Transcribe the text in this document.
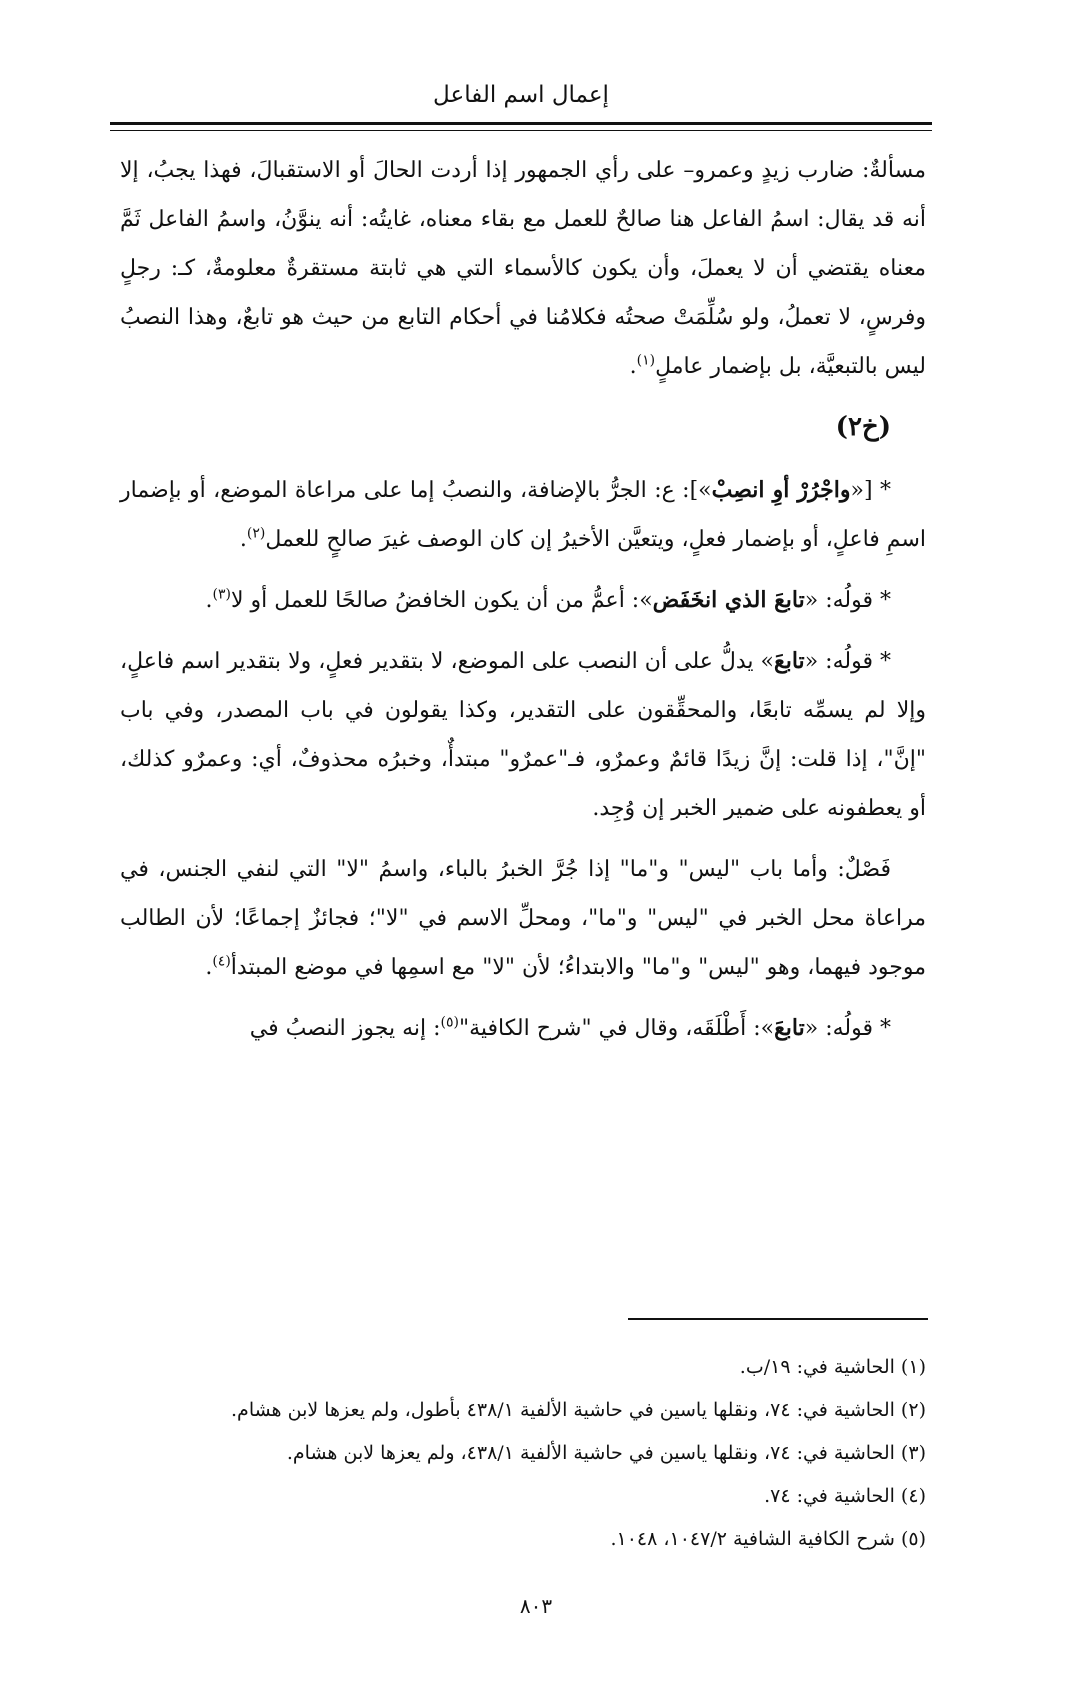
إعمال اسم الفاعل

مسألةٌ: ضارب زيدٍ وعمرو– على رأي الجمهور إذا أردت الحالَ أو الاستقبالَ، فهذا يجبُ، إلا أنه قد يقال: اسمُ الفاعل هنا صالحٌ للعمل مع بقاء معناه، غايتُه: أنه ينوَّنُ، واسمُ الفاعل ثَمَّ معناه يقتضي أن لا يعملَ، وأن يكون كالأسماء التي هي ثابتة مستقرةٌ معلومةٌ، كـ: رجلٍ وفرسٍ، لا تعملُ، ولو سُلِّمَتْ صحتُه فكلامُنا في أحكام التابع من حيث هو تابعٌ، وهذا النصبُ ليس بالتبعيَّة، بل بإضمار عاملٍ$^{(١)}$.

(خ٢)

* [«واجْرُرْ أوِ انصِبْ»]: ع: الجرُّ بالإضافة، والنصبُ إما على مراعاة الموضع، أو بإضمار اسمِ فاعلٍ، أو بإضمار فعلٍ، ويتعيَّن الأخيرُ إن كان الوصف غيرَ صالحٍ للعمل$^{(٢)}$.

* قولُه: «تابعَ الذي انخَفَض»: أعمُّ من أن يكون الخافضُ صالحًا للعمل أو لا$^{(٣)}$.

* قولُه: «تابعَ» يدلُّ على أن النصب على الموضع، لا بتقدير فعلٍ، ولا بتقدير اسم فاعلٍ، وإلا لم يسمِّه تابعًا، والمحقِّقون على التقدير، وكذا يقولون في باب المصدر، وفي باب "إنَّ"، إذا قلت: إنَّ زيدًا قائمٌ وعمرٌو، فـ"عمرٌو" مبتدأٌ، وخبرُه محذوفٌ، أي: وعمرٌو كذلك، أو يعطفونه على ضمير الخبر إن وُجِد.

فَصْلٌ: وأما باب "ليس" و"ما" إذا جُرَّ الخبرُ بالباء، واسمُ "لا" التي لنفي الجنس، في مراعاة محل الخبر في "ليس" و"ما"، ومحلِّ الاسم في "لا"؛ فجائزٌ إجماعًا؛ لأن الطالب موجود فيهما، وهو "ليس" و"ما" والابتداءُ؛ لأن "لا" مع اسمِها في موضع المبتدأ$^{(٤)}$.

* قولُه: «تابعَ»: أَطْلَقَه، وقال في "شرح الكافية"$^{(٥)}$: إنه يجوز النصبُ في

(١) الحاشية في: ١٩/ب.
(٢) الحاشية في: ٧٤، ونقلها ياسين في حاشية الألفية ٤٣٨/١ بأطول، ولم يعزها لابن هشام.
(٣) الحاشية في: ٧٤، ونقلها ياسين في حاشية الألفية ٤٣٨/١، ولم يعزها لابن هشام.
(٤) الحاشية في: ٧٤.
(٥) شرح الكافية الشافية ١٠٤٧/٢، ١٠٤٨.
٨٠٣
